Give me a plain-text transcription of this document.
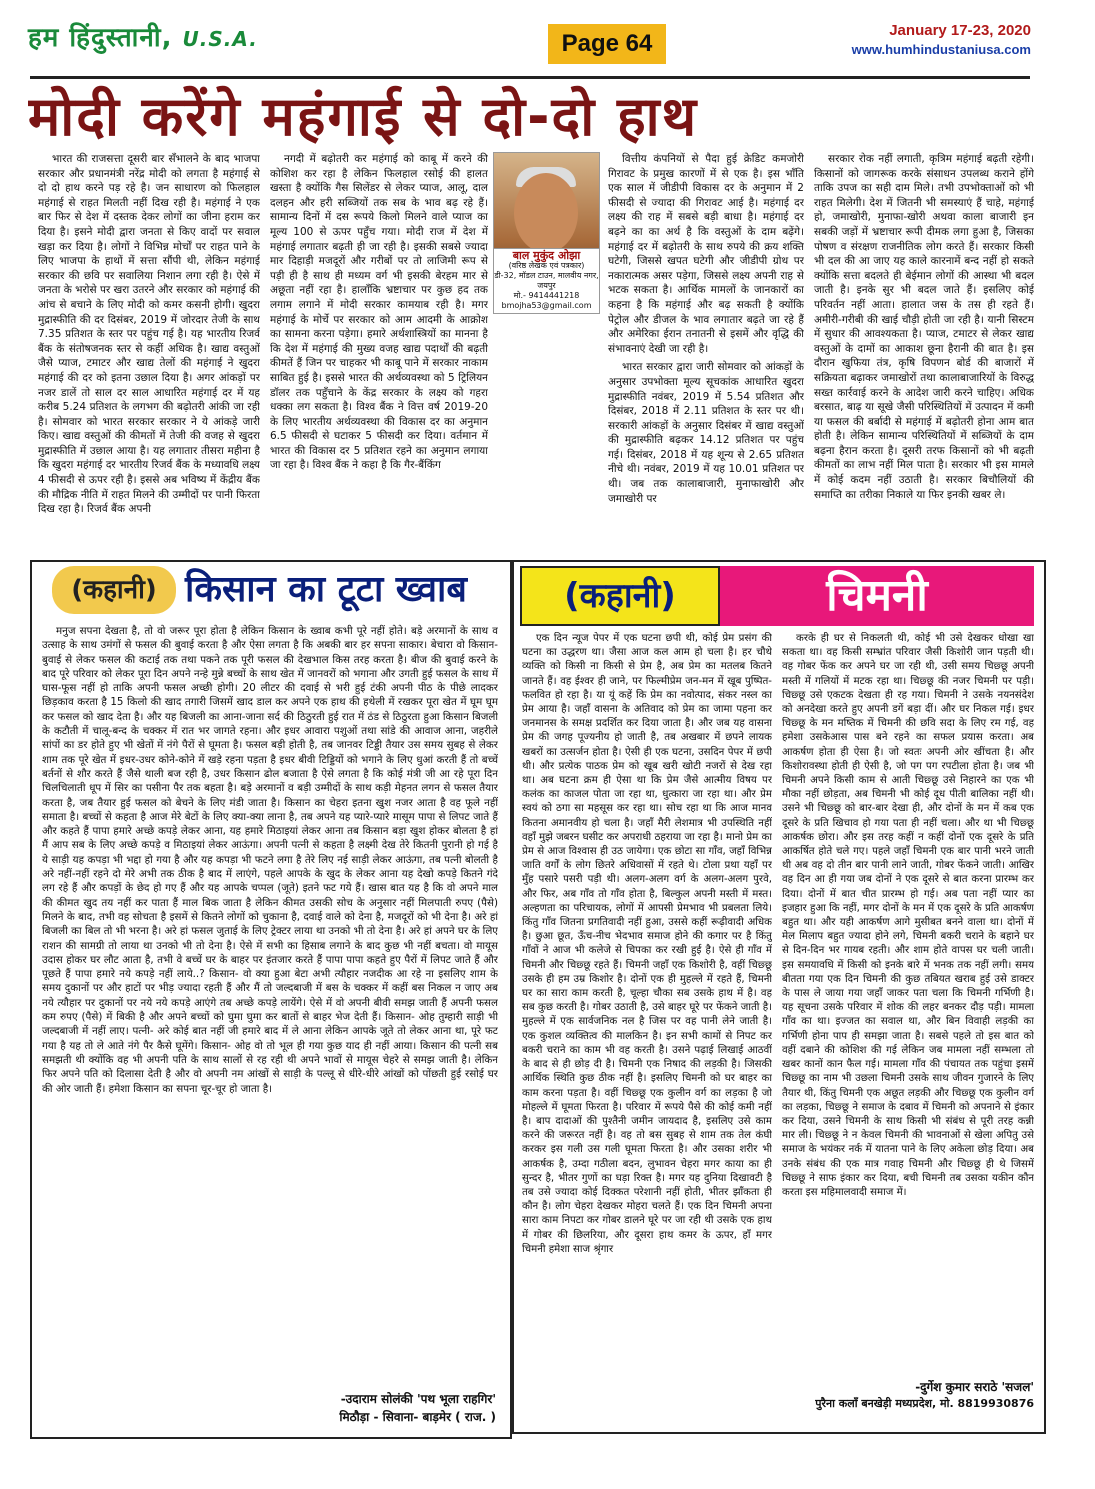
हम हिंदुस्तानी, U.S.A.	Page 64	January 17-23, 2020
www.humhindustaniusa.com
मोदी करेंगे महंगाई से दो-दो हाथ

भारत की राजसत्ता दूसरी बार सँभालने के बाद भाजपा सरकार और प्रधानमंत्री नरेंद्र मोदी को लगता है महंगाई से दो दो हाथ करने पड़ रहे है। जन साधारण को फिलहाल महंगाई से राहत मिलती नहीं दिख रही है। महंगाई ने एक बार फिर से देश में दस्तक देकर लोगों का जीना हराम कर दिया है। इसने मोदी द्वारा जनता से किए वादों पर सवाल खड़ा कर दिया है। लोगों ने विभिन्न मोर्चों पर राहत पाने के लिए भाजपा के हाथों में सत्ता सौंपी थी, लेकिन महंगाई सरकार की छवि पर सवालिया निशान लगा रही है। ऐसे में जनता के भरोसे पर खरा उतरने और सरकार को महंगाई की आंच से बचाने के लिए मोदी को कमर कसनी होगी। खुदरा मुद्रास्फीति की दर दिसंबर, 2019 में जोरदार तेजी के साथ 7.35 प्रतिशत के स्तर पर पहुंच गई है। यह भारतीय रिजर्व बैंक के संतोषजनक स्तर से कहीं अधिक है। खाद्य वस्तुओं जैसे प्याज, टमाटर और खाद्य तेलों की महंगाई ने खुदरा महंगाई की दर को इतना उछाल दिया है। अगर आंकड़ों पर नजर डालें तो साल दर साल आधारित महंगाई दर में यह करीब 5.24 प्रतिशत के लगभग की बढ़ोतरी आंकी जा रही है। सोमवार को भारत सरकार सरकार ने ये आंकड़े जारी किए। खाद्य वस्तुओं की कीमतों में तेजी की वजह से खुदरा मुद्रास्फीति में उछाल आया है। यह लगातार तीसरा महीना है कि खुदरा महंगाई दर भारतीय रिजर्व बैंक के मध्यावधि लक्ष्य 4 फीसदी से ऊपर रही है। इससे अब भविष्य में केंद्रीय बैंक की मौद्रिक नीति में राहत मिलने की उम्मीदों पर पानी फिरता दिख रहा है। रिजर्व बैंक अपनी

नगदी में बढ़ोतरी कर महंगाई को काबू में करने की कोशिश कर रहा है लेकिन फिलहाल रसोई की हालत खस्ता है क्योंकि गैस सिलेंडर से लेकर प्याज, आलू, दाल दलहन और हरी सब्जियों तक सब के भाव बढ़ रहे हैं। सामान्य दिनों में दस रूपये किलो मिलने वाले प्याज का मूल्य 100 से ऊपर पहुँच गया। मोदी राज में देश में महंगाई लगातार बढ़ती ही जा रही है। इसकी सबसे ज्यादा मार दिहाड़ी मजदूरों और गरीबों पर तो लाजिमी रूप से पड़ी ही है साथ ही मध्यम वर्ग भी इसकी बेरहम मार से अछूता नहीं रहा है। हालाँकि भ्रष्टाचार पर कुछ हद तक लगाम लगाने में मोदी सरकार कामयाब रही है। मगर महंगाई के मोर्चे पर सरकार को आम आदमी के आक्रोश का सामना करना पड़ेगा। हमारे अर्थशास्त्रियों का मानना है कि देश में महंगाई की मुख्य वजह खाद्य पदार्थों की बढ़ती कीमतें हैं जिन पर चाहकर भी काबू पाने में सरकार नाकाम साबित हुई है। इससे भारत की अर्थव्यवस्था को 5 ट्रिलियन डॉलर तक पहुँचाने के केंद्र सरकार के लक्ष्य को गहरा धक्का लग सकता है। विश्व बैंक ने वित्त वर्ष 2019-20 के लिए भारतीय अर्थव्यवस्था की विकास दर का अनुमान 6.5 फीसदी से घटाकर 5 फीसदी कर दिया। वर्तमान में भारत की विकास दर 5 प्रतिशत रहने का अनुमान लगाया जा रहा है। विश्व बैंक ने कहा है कि गैर-बैंकिंग

बाल मुकुंद ओझा
(वरिष्ठ लेखक एवं पत्रकार)
डी-32, मॉडल टाउन, मालवीय नगर, जयपुर
मो.- 9414441218
bmojha53@gmail.com

वित्तीय कंपनियों से पैदा हुई क्रेडिट कमजोरी गिरावट के प्रमुख कारणों में से एक है। इस भाँति एक साल में जीडीपी विकास दर के अनुमान में 2 फीसदी से ज्यादा की गिरावट आई है। महंगाई दर लक्ष्य की राह में सबसे बड़ी बाधा है। महंगाई दर बढ़ने का का अर्थ है कि वस्तुओं के दाम बढ़ेंगे। महंगाई दर में बढ़ोतरी के साथ रुपये की क्रय शक्ति घटेगी, जिससे खपत घटेगी और जीडीपी ग्रोथ पर नकारात्मक असर पड़ेगा, जिससे लक्ष्य अपनी राह से भटक सकता है। आर्थिक मामलों के जानकारों का कहना है कि महंगाई और बढ़ सकती है क्योंकि पेट्रोल और डीजल के भाव लगातार बढ़ते जा रहे हैं और अमेरिका ईरान तनातनी से इसमें और वृद्धि की संभावनाएं देखी जा रही है।

भारत सरकार द्वारा जारी सोमवार को आंकड़ों के अनुसार उपभोक्ता मूल्य सूचकांक आधारित खुदरा मुद्रास्फीति नवंबर, 2019 में 5.54 प्रतिशत और दिसंबर, 2018 में 2.11 प्रतिशत के स्तर पर थी। सरकारी आंकड़ों के अनुसार दिसंबर में खाद्य वस्तुओं की मुद्रास्फीति बढ़कर 14.12 प्रतिशत पर पहुंच गई। दिसंबर, 2018 में यह शून्य से 2.65 प्रतिशत नीचे थी। नवंबर, 2019 में यह 10.01 प्रतिशत पर थी। जब तक कालाबाजारी, मुनाफाखोरी और जमाखोरी पर

सरकार रोक नहीं लगाती, कृत्रिम महंगाई बढ़ती रहेगी। किसानों को जागरूक करके संसाधन उपलब्ध कराने होंगे ताकि उपज का सही दाम मिले। तभी उपभोक्ताओं को भी राहत मिलेगी। देश में जितनी भी समस्याएं हैं चाहे, महंगाई हो, जमाखोरी, मुनाफा-खोरी अथवा काला बाजारी इन सबकी जड़ों में भ्रष्टाचार रूपी दीमक लगा हुआ है, जिसका पोषण व संरक्षण राजनीतिक लोग करते हैं। सरकार किसी भी दल की आ जाए यह काले कारनामें बन्द नहीं हो सकते क्योंकि सत्ता बदलते ही बेईमान लोगों की आस्था भी बदल जाती है। इनके सुर भी बदल जाते हैं। इसलिए कोई परिवर्तन नहीं आता। हालात जस के तस ही रहते हैं। अमीरी-गरीबी की खाई चौड़ी होती जा रही है। यानी सिस्टम में सुधार की आवश्यकता है। प्याज, टमाटर से लेकर खाद्य वस्तुओं के दामों का आकाश छूना हैरानी की बात है। इस दौरान खुफिया तंत्र, कृषि विपणन बोर्ड की बाजारों में सक्रियता बढ़ाकर जमाखोरों तथा कालाबाजारियों के विरुद्ध सख्त कार्रवाई करने के आदेश जारी करने चाहिए। अधिक बरसात, बाढ़ या सूखे जैसी परिस्थितियों में उत्पादन में कमी या फसल की बर्बादी से महंगाई में बढ़ोतरी होना आम बात होती है। लेकिन सामान्य परिस्थितियों में सब्जियों के दाम बढ़ना हैरान करता है। दूसरी तरफ किसानों को भी बढ़ती कीमतों का लाभ नहीं मिल पाता है। सरकार भी इस मामले में कोई कदम नहीं उठाती है। सरकार बिचौलियों की समाप्ति का तरीका निकाले या फिर इनकी खबर ले।

(कहानी) किसान का टूटा ख्वाब

मनुज सपना देखता है, तो वो जरूर पूरा होता है लेकिन किसान के ख्वाब कभी पूरे नहीं होते। बड़े अरमानों के साथ व उत्साह के साथ उमंगों से फसल की बुवाई करता है और ऐसा लगता है कि अबकी बार हर सपना साकार। बेचारा वो किसान- बुवाई से लेकर फसल की कटाई तक तथा पकने तक पूरी फसल की देखभाल किस तरह करता है। बीज की बुवाई करने के बाद पूरे परिवार को लेकर पूरा दिन अपने नन्हे मुन्ने बच्चों के साथ खेत में जानवरों को भगाना और उगती हुई फसल के साथ में घास-फूस नहीं हो ताकि अपनी फसल अच्छी होगी। 20 लीटर की दवाई से भरी हुई टंकी अपनी पीठ के पीछे लादकर छिड़काव करता है 15 किलो की खाद तगारी जिसमें खाद डाल कर अपने एक हाथ की हथेली में रखकर पूरा खेत में घूम घूम कर फसल को खाद देता है। और यह बिजली का आना-जाना सर्द की ठिठुरती हुई रात में ठंड से ठिठुरता हुआ किसान बिजली के कटौती में चालू-बन्द के चक्कर में रात भर जागते रहना। और इधर आवारा पशुओं तथा सांडे की आवाज आना, जहरीले सांपों का डर होते हुए भी खेतों में नंगे पैरों से घूमता है। फसल बड़ी होती है, तब जानवर टिड्डी तैयार उस समय सुबह से लेकर शाम तक पूरे खेत में इधर-उधर कोने-कोने में खड़े रहना पड़ता है इधर बीवी टिड्डियों को भगाने के लिए धुआं करती हैं तो बच्चें बर्तनों से शौर करते हैं जैसे थाली बज रही है, उधर किसान ढोल बजाता है ऐसे लगता है कि कोई मंत्री जी आ रहे पूरा दिन चिलचिलाती धूप में सिर का पसीना पैर तक बहता है। बड़े अरमानों व बड़ी उम्मीदों के साथ कड़ी मेहनत लगन से फसल तैयार करता है, जब तैयार हुई फसल को बेचने के लिए मंडी जाता है। किसान का चेहरा इतना खुश नजर आता है वह फूले नहीं समाता है। बच्चों से कहता है आज मेरे बेटों के लिए क्या-क्या लाना है, तब अपने यह प्यारे-प्यारे मासूम पापा से लिपट जाते हैं और कहते हैं पापा हमारे अच्छे कपड़े लेकर आना, यह हमारे मिठाइयां लेकर आना तब किसान बड़ा खुश होकर बोलता है हां मैं आप सब के लिए अच्छे कपड़े व मिठाइयां लेकर आऊंगा। अपनी पत्नी से कहता है लक्ष्मी देख तेरे कितनी पुरानी हो गई है ये साड़ी यह कपड़ा भी भद्दा हो गया है और यह कपड़ा भी फटने लगा है तेरे लिए नई साड़ी लेकर आऊंगा, तब पत्नी बोलती है अरे नहीं-नहीं रहने दो मेरे अभी तक ठीक है बाद में लाएंगे, पहले आपके के खुद के लेकर आना यह देखो कपड़े कितने गंदे लग रहे हैं और कपड़ों के छेद हो गए हैं और यह आपके चप्पल (जूते) इतने फट गये हैं। खास बात यह है कि वो अपने माल की कीमत खुद तय नहीं कर पाता हैं माल बिक जाता है लेकिन कीमत उसकी सोच के अनुसार नहीं मिलपाती रुपए (पैसे) मिलने के बाद, तभी वह सोचता है इसमें से कितने लोगों को चुकाना है, दवाई वाले को देना है, मजदूरों को भी देना है। अरे हां बिजली का बिल तो भी भरना है। अरे हां फसल जुताई के लिए ट्रेक्टर लाया था उनको भी तो देना है। अरे हां अपने घर के लिए राशन की सामग्री तो लाया था उनको भी तो देना है। ऐसे में सभी का हिसाब लगाने के बाद कुछ भी नहीं बचता। वो मायूस उदास होकर घर लौट आता है, तभी वे बच्चें घर के बाहर पर इंतजार करते हैं पापा पापा कहते हुए पैरों में लिपट जाते हैं और पूछते हैं पापा हमारे नये कपड़े नहीं लाये..? किसान- वो क्या हुआ बेटा अभी त्यौहार नजदीक आ रहे ना इसलिए शाम के समय दुकानों पर और हाटों पर भीड़ ज्यादा रहती हैं और मैं तो जल्दबाजी में बस के चक्कर में कहीं बस निकल न जाए अब नये त्यौहार पर दुकानों पर नये नये कपड़े आएंगे तब अच्छे कपड़े लायेंगे। ऐसे में वो अपनी बीवी समझ जाती हैं अपनी फसल कम रुपए (पैसे) में बिकी है और अपने बच्चों को घुमा घुमा कर बातों से बाहर भेज देती हैं। किसान- ओह तुम्हारी साड़ी भी जल्दबाजी में नहीं लाए। पत्नी- अरे कोई बात नहीं जी हमारे बाद में ले आना लेकिन आपके जूते तो लेकर आना था, पूरे फट गया है यह तो ले आते नंगे पैर कैसे घूमेंगे। किसान- ओह वो तो भूल ही गया कुछ याद ही नहीं आया। किसान की पत्नी सब समझती थी क्योंकि वह भी अपनी पति के साथ सालों से रह रही थी अपने भावों से मायूस चेहरे से समझ जाती है। लेकिन फिर अपने पति को दिलासा देती है और वो अपनी नम आंखों से साड़ी के पल्लू से धीरे-धीरे आंखों को पोंछती हुई रसोई घर की ओर जाती हैं। हमेशा किसान का सपना चूर-चूर हो जाता है।

-उदाराम सोलंकी 'पथ भूला राहगिर'
मिठौड़ा - सिवाना- बाड़मेर ( राज. )
(कहानी)	चिमनी

एक दिन न्यूज पेपर में एक घटना छपी थी, कोई प्रेम प्रसंग की घटना का उद्धरण था। जैसा आज कल आम हो चला है। हर चौथे व्यक्ति को किसी ना किसी से प्रेम है, अब प्रेम का मतलब कितने जानते हैं। वह ईश्वर ही जाने, पर फिल्मीप्रेम जन-मन में खूब पुष्पित-फलवित हो रहा है। या यूं कहें कि प्रेम का नवोत्पाद, संकर नस्ल का प्रेम आया है। जहाँ वासना के अतिवाद को प्रेम का जामा पहना कर जनमानस के समक्ष प्रदर्शित कर दिया जाता है। और जब यह वासना प्रेम की जगह पूज्यनीय हो जाती है, तब अखबार में छपने लायक खबरों का उत्सर्जन होता है। ऐसी ही एक घटना, उसदिन पेपर में छपी थी। और प्रत्येक पाठक प्रेम को खूब खरी खोटी नजरों से देख रहा था। अब घटना क्रम ही ऐसा था कि प्रेम जैसे आत्मीय विषय पर कलंक का काजल पोता जा रहा था, धुत्कारा जा रहा था। और प्रेम स्वयं को ठगा सा महसूस कर रहा था। सोच रहा था कि आज मानव कितना अमानवीय हो चला है। जहाँ मैरी लेशमात्र भी उपस्थिति नहीं वहाँ मुझे जबरन घसीट कर अपराधी ठहराया जा रहा है। मानो प्रेम का प्रेम से आज विश्वास ही उठ जायेगा। एक छोटा सा गाँव, जहाँ विभिन्न जाति वर्गों के लोग छितरे अधिवासों में रहते थे। टोला प्रथा यहाँ पर मुँह पसारे पसरी पड़ी थी। अलग-अलग वर्ग के अलग-अलग पुरवे, और फिर, अब गाँव तो गाँव होता है, बिल्कुल अपनी मस्ती में मस्त। अल्हणता का परिचायक, लोगों में आपसी प्रेमभाव भी प्रबलता लिये। किंतु गाँव जितना प्रगतिवादी नहीं हुआ, उससे कहीं रूढ़ीवादी अधिक है। छुआ छूत, ऊँच-नीच भेदभाव समाज होने की कगार पर है किंतु गाँवों ने आज भी कलेजे से चिपका कर रखी हुई है। ऐसे ही गाँव में चिमनी और चिछ्छू रहते हैं। चिमनी जहाँ एक किशोरी है, वहीं चिछ्छू उसके ही हम उम्र किशोर है। दोनों एक ही मुहल्ले में रहते हैं, चिमनी घर का सारा काम करती है, चूल्हा चौका सब उसके हाथ में है। वह सब कुछ करती है। गोबर उठाती है, उसे बाहर घूरे पर फेंकने जाती है। मुहल्ले में एक सार्वजनिक नल है जिस पर वह पानी लेने जाती है। एक कुशल व्यक्तित्व की मालकिन है। इन सभी कामों से निपट कर बकरी चराने का काम भी वह करती है। उसने पढ़ाई लिखाई आठवीं के बाद से ही छोड़ दी है। चिमनी एक निषाद की लड़की है। जिसकी आर्थिक स्थिति कुछ ठीक नहीं है। इसलिए चिमनी को घर बाहर का काम करना पड़ता है। वहीं चिछ्छू एक कुलीन वर्ग का लड़का है जो मोहल्ले में घूमता फिरता है। परिवार में रूपये पैसे की कोई कमी नहीं है। बाप दादाओं की पुश्तैनी जमीन जायदाद है, इसलिए उसे काम करने की जरूरत नहीं है। वह तो बस सुबह से शाम तक तेल कंघी करकर इस गली उस गली घूमता फिरता है। और उसका शरीर भी आकर्षक है, उम्दा गठीला बदन, लुभावन चेहरा मगर काया का ही सुन्दर है, भीतर गुणों का घड़ा रिक्त है। मगर यह दुनिया दिखावटी है तब उसे ज्यादा कोई दिक्कत परेशानी नहीं होती, भीतर झाँकता ही कौन है। लोग चेहरा देखकर मोहरा चलते हैं। एक दिन चिमनी अपना सारा काम निपटा कर गोबर डालने घूरे पर जा रही थी उसके एक हाथ में गोबर की छिलरिया, और दूसरा हाथ कमर के ऊपर, हाँ मगर चिमनी हमेशा साज श्रृंगार

करके ही घर से निकलती थी, कोई भी उसे देखकर धोखा खा सकता था। वह किसी सम्भ्रांत परिवार जैसी किशोरी जान पड़ती थी। वह गोबर फेंक कर अपने घर जा रही थी, उसी समय चिछ्छू अपनी मस्ती में गलियों में मटक रहा था। चिछ्छू की नजर चिमनी पर पड़ी। चिछ्छू उसे एकटक देखता ही रह गया। चिमनी ने उसके नयनसंदेश को अनदेखा करते हुए अपनी डगें बड़ा दीं। और घर निकल गई। इधर चिछ्छू के मन मष्तिक में चिमनी की छवि सदा के लिए रम गई, वह हमेशा उसकेआस पास बने रहने का सफल प्रयास करता। अब आकर्षण होता ही ऐसा है। जो स्वतः अपनी ओर खींचता है। और किशोरावस्था होती ही ऐसी है, जो पग पग रपटीला होता है। जब भी चिमनी अपने किसी काम से आती चिछ्छू उसे निहारने का एक भी मौका नहीं छोड़ता, अब चिमनी भी कोई दूध पीती बालिका नहीं थी। उसने भी चिछ्छू को बार-बार देखा ही, और दोनों के मन में कब एक दूसरे के प्रति खिचाव हो गया पता ही नहीं चला। और था भी चिछ्छू आकर्षक छोरा। और इस तरह कहीं न कहीं दोनों एक दूसरे के प्रति आकर्षित होते चले गए। पहले जहाँ चिमनी एक बार पानी भरने जाती थी अब वह दो तीन बार पानी लाने जाती, गोबर फेंकने जाती। आखिर वह दिन आ ही गया जब दोनों ने एक दूसरे से बात करना प्रारम्भ कर दिया। दोनों में बात चीत प्रारम्भ हो गई। अब पता नहीं प्यार का इजहार हुआ कि नहीं, मगर दोनों के मन में एक दूसरे के प्रति आकर्षण बहुत था। और यही आकर्षण आगे मुसीबत बनने वाला था। दोनों में मेल मिलाप बहुत ज्यादा होने लगे, चिमनी बकरी चराने के बहाने घर से दिन-दिन भर गायब रहती। और शाम होते वापस घर चली जाती। इस समयावधि में किसी को इनके बारे में भनक तक नहीं लगी। समय बीतता गया एक दिन चिमनी की कुछ तबियत खराब हुई उसे डाक्टर के पास ले जाया गया जहाँ जाकर पता चला कि चिमनी गर्भिणी है। यह सूचना उसके परिवार में शोक की लहर बनकर दौड़ पड़ी। मामला गाँव का था। इज्जत का सवाल था, और बिन विवाही लड़की का गर्भिणी होना पाप ही समझा जाता है। सबसे पहले तो इस बात को वहीं दबाने की कोशिश की गई लेकिन जब मामला नहीं सम्भला तो खबर कानों कान फैल गई। मामला गाँव की पंचायत तक पहुंचा इसमें चिछ्छू का नाम भी उछला चिमनी उसके साथ जीवन गुजारने के लिए तैयार थी, किंतु चिमनी एक अछूत लड़की और चिछ्छू एक कुलीन वर्ग का लड़का, चिछ्छू ने समाज के दबाव में चिमनी को अपनाने से इंकार कर दिया, उसने चिमनी के साथ किसी भी संबंध से पूरी तरह कन्नी मार ली। चिछ्छू ने न केवल चिमनी की भावनाओं से खेला अपितु उसे समाज के भयंकर नर्क में यातना पाने के लिए अकेला छोड़ दिया। अब उनके संबंध की एक मात्र गवाह चिमनी और चिछ्छू ही थे जिसमें चिछ्छू ने साफ इंकार कर दिया, बची चिमनी तब उसका यकीन कौन करता इस महिमालवादी समाज में।

-दुर्गेश कुमार सराठे 'सजल'
पुरैना कलाँ बनखेड़ी मध्यप्रदेश, मो. 8819930876
